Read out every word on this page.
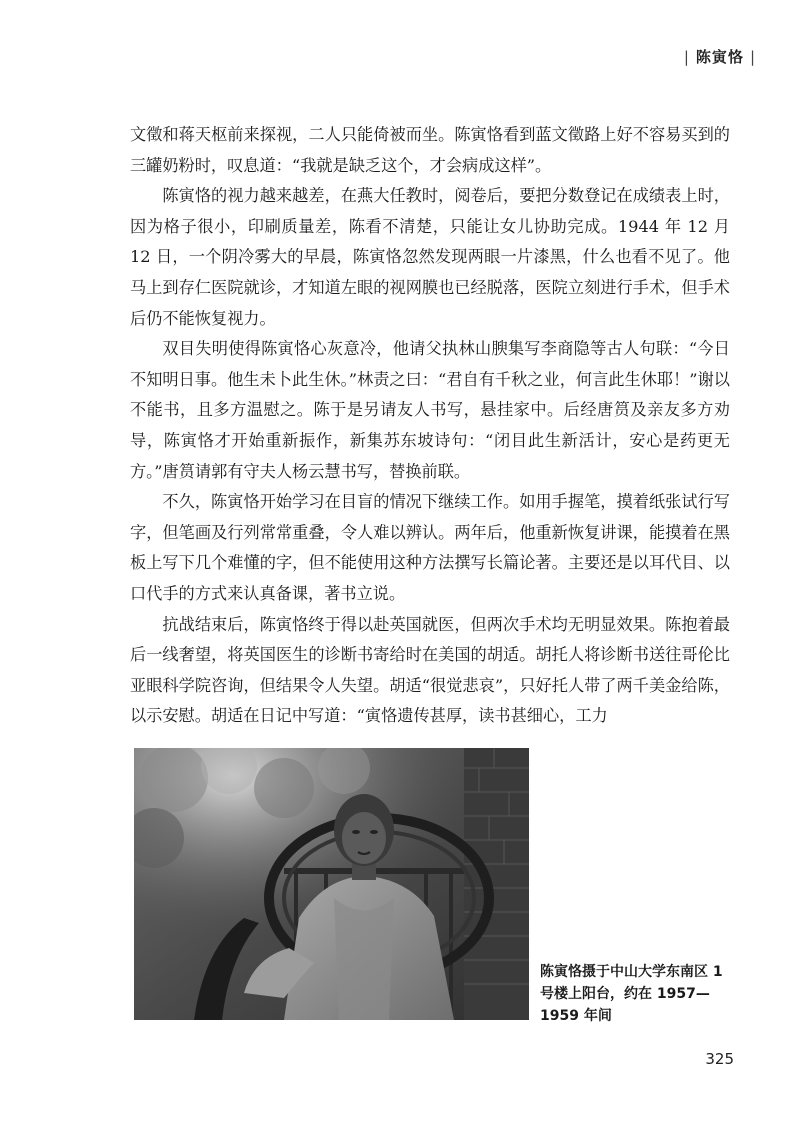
| 陈寅恪 |

文徵和蒋天枢前来探视，二人只能倚被而坐。陈寅恪看到蓝文徵路上好不容易买到的三罐奶粉时，叹息道：“我就是缺乏这个，才会病成这样”。

陈寅恪的视力越来越差，在燕大任教时，阅卷后，要把分数登记在成绩表上时，因为格子很小，印刷质量差，陈看不清楚，只能让女儿协助完成。1944 年 12 月 12 日，一个阴冷雾大的早晨，陈寅恪忽然发现两眼一片漆黑，什么也看不见了。他马上到存仁医院就诊，才知道左眼的视网膜也已经脱落，医院立刻进行手术，但手术后仍不能恢复视力。

双目失明使得陈寅恪心灰意冷，他请父执林山腴集写李商隐等古人句联：“今日不知明日事。他生未卜此生休。”林责之曰：“君自有千秋之业，何言此生休耶！”谢以不能书，且多方温慰之。陈于是另请友人书写，悬挂家中。后经唐筼及亲友多方劝导，陈寅恪才开始重新振作，新集苏东坡诗句：“闭目此生新活计，安心是药更无方。”唐筼请郭有守夫人杨云慧书写，替换前联。

不久，陈寅恪开始学习在目盲的情况下继续工作。如用手握笔，摸着纸张试行写字，但笔画及行列常常重叠，令人难以辨认。两年后，他重新恢复讲课，能摸着在黑板上写下几个难懂的字，但不能使用这种方法撰写长篇论著。主要还是以耳代目、以口代手的方式来认真备课，著书立说。

抗战结束后，陈寅恪终于得以赴英国就医，但两次手术均无明显效果。陈抱着最后一线奢望，将英国医生的诊断书寄给时在美国的胡适。胡托人将诊断书送往哥伦比亚眼科学院咨询，但结果令人失望。胡适“很觉悲哀”，只好托人带了两千美金给陈，以示安慰。胡适在日记中写道：“寅恪遗传甚厚，读书甚细心，工力

陈寅恪摄于中山大学东南区 1 号楼上阳台，约在 1957—1959 年间
325
